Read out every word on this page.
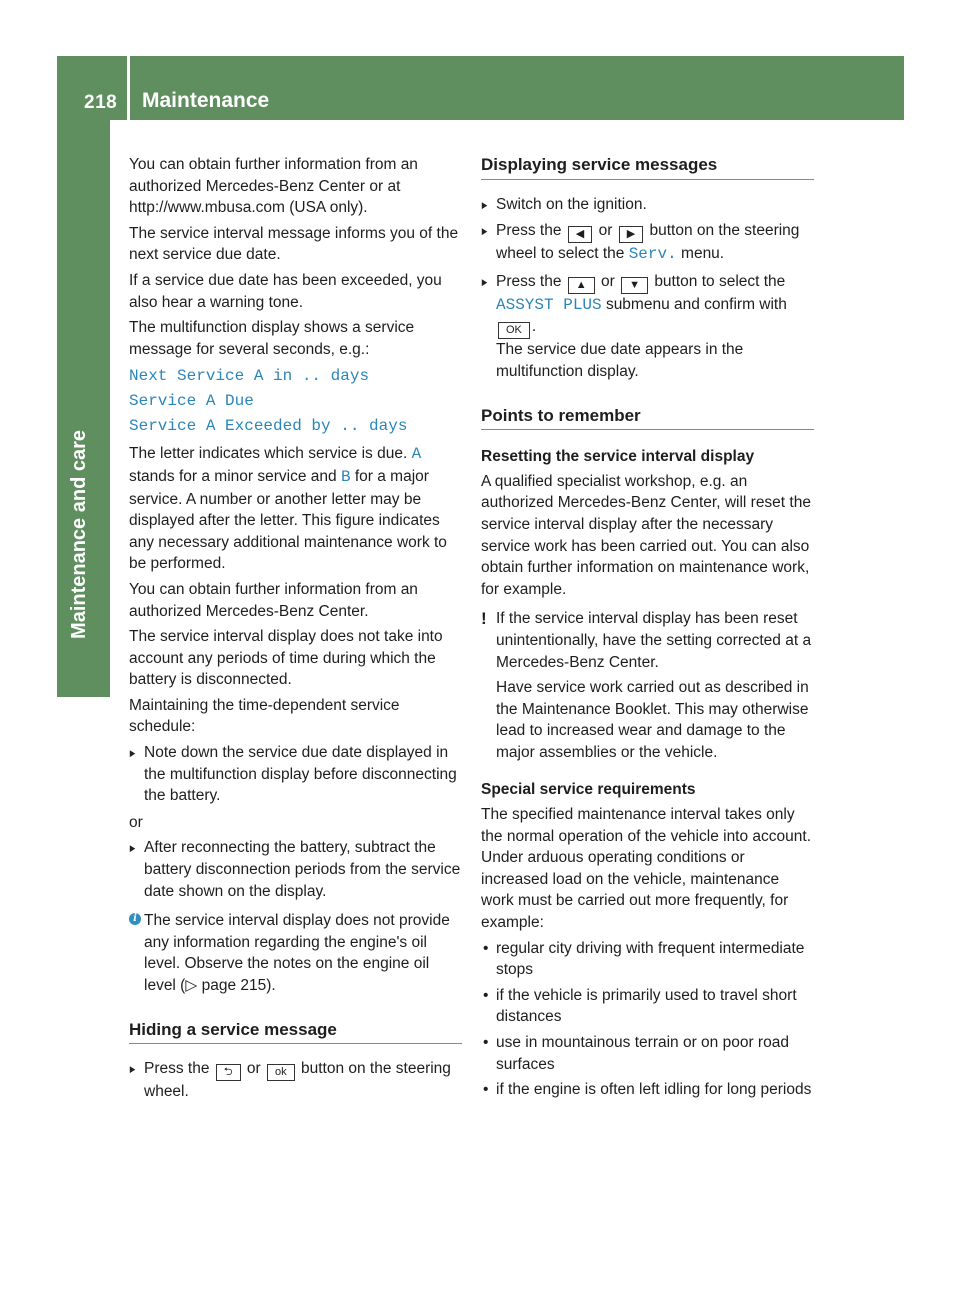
218 Maintenance
Maintenance and care

You can obtain further information from an authorized Mercedes-Benz Center or at http://www.mbusa.com (USA only).

The service interval message informs you of the next service due date.

If a service due date has been exceeded, you also hear a warning tone.

The multifunction display shows a service message for several seconds, e.g.:

Next Service A in .. days
Service A Due
Service A Exceeded by .. days

The letter indicates which service is due. A stands for a minor service and B for a major service. A number or another letter may be displayed after the letter. This figure indicates any necessary additional maintenance work to be performed.

You can obtain further information from an authorized Mercedes-Benz Center.

The service interval display does not take into account any periods of time during which the battery is disconnected.

Maintaining the time-dependent service schedule:

▶ Note down the service due date displayed in the multifunction display before disconnecting the battery.

or

▶ After reconnecting the battery, subtract the battery disconnection periods from the service date shown on the display.
i The service interval display does not provide any information regarding the engine's oil level. Observe the notes on the engine oil level (▷ page 215).
Hiding a service message
▶ Press the ⮌ or ok button on the steering wheel.
Displaying service messages
▶ Switch on the ignition.
▶ Press the ◀ or ▶ button on the steering wheel to select the Serv. menu.
▶ Press the ▲ or ▼ button to select the ASSYST PLUS submenu and confirm with OK .
The service due date appears in the multifunction display.
Points to remember
Resetting the service interval display

A qualified specialist workshop, e.g. an authorized Mercedes-Benz Center, will reset the service interval display after the necessary service work has been carried out. You can also obtain further information on maintenance work, for example.

! If the service interval display has been reset unintentionally, have the setting corrected at a Mercedes-Benz Center.

Have service work carried out as described in the Maintenance Booklet. This may otherwise lead to increased wear and damage to the major assemblies or the vehicle.

Special service requirements

The specified maintenance interval takes only the normal operation of the vehicle into account. Under arduous operating conditions or increased load on the vehicle, maintenance work must be carried out more frequently, for example:

• regular city driving with frequent intermediate stops
• if the vehicle is primarily used to travel short distances
• use in mountainous terrain or on poor road surfaces
• if the engine is often left idling for long periods
